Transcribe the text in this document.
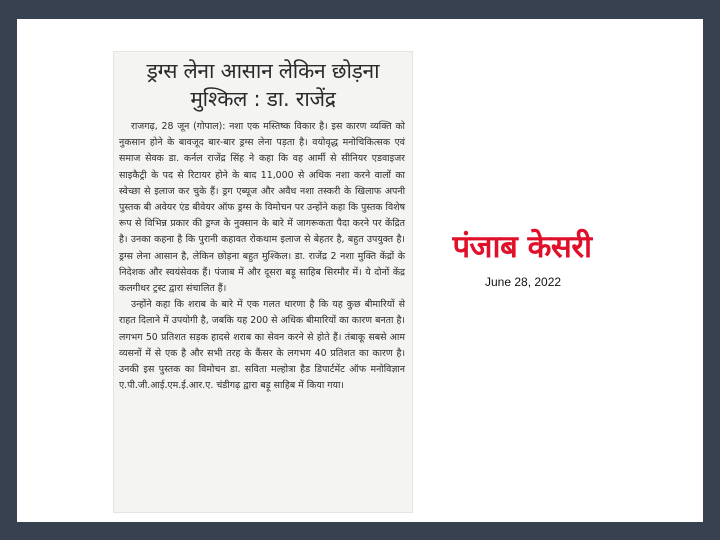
ड्रग्स लेना आसान लेकिन छोड़ना
मुश्किल : डा. राजेंद्र

राजगढ़, 28 जून (गोपाल): नशा एक मस्तिष्क विकार है। इस कारण व्यक्ति को नुकसान होने के बावजूद बार-बार ड्रग्स लेना पड़ता है। वयोवृद्ध मनोचिकित्सक एवं समाज सेवक डा. कर्नल राजेंद्र सिंह ने कहा कि वह आर्मी से सीनियर एडवाइजर साइकैट्री के पद से रिटायर होने के बाद 11,000 से अधिक नशा करने वालों का स्वेच्छा से इलाज कर चुके हैं। ड्रग एब्यूज और अवैध नशा तस्करी के खिलाफ अपनी पुस्तक बी अवेयर एंड बीवेयर ऑफ ड्रग्स के विमोचन पर उन्होंने कहा कि पुस्तक विशेष रूप से विभिन्न प्रकार की ड्रग्ज के नुक्सान के बारे में जागरूकता पैदा करने पर केंद्रित है। उनका कहना है कि पुरानी कहावत रोकथाम इलाज से बेहतर है, बहुत उपयुक्त है। ड्रग्स लेना आसान है, लेकिन छोड़ना बहुत मुश्किल। डा. राजेंद्र 2 नशा मुक्ति केंद्रों के निदेशक और स्वयंसेवक हैं। पंजाब में और दूसरा बड़ू साहिब सिरमौर में। ये दोनों केंद्र कलगीधर ट्रस्ट द्वारा संचालित हैं।

उन्होंने कहा कि शराब के बारे में एक गलत धारणा है कि यह कुछ बीमारियों से राहत दिलाने में उपयोगी है, जबकि यह 200 से अधिक बीमारियों का कारण बनता है। लगभग 50 प्रतिशत सड़क हादसे शराब का सेवन करने से होते हैं। तंबाकू सबसे आम व्यसनों में से एक है और सभी तरह के कैंसर के लगभग 40 प्रतिशत का कारण है। उनकी इस पुस्तक का विमोचन डा. सविता मल्होत्रा हैड डिपार्टमेंट ऑफ मनोविज्ञान ए.पी.जी.आई.एम.ई.आर.ए. चंडीगढ़ द्वारा बड़ू साहिब में किया गया।

पंजाब केसरी
June 28, 2022
